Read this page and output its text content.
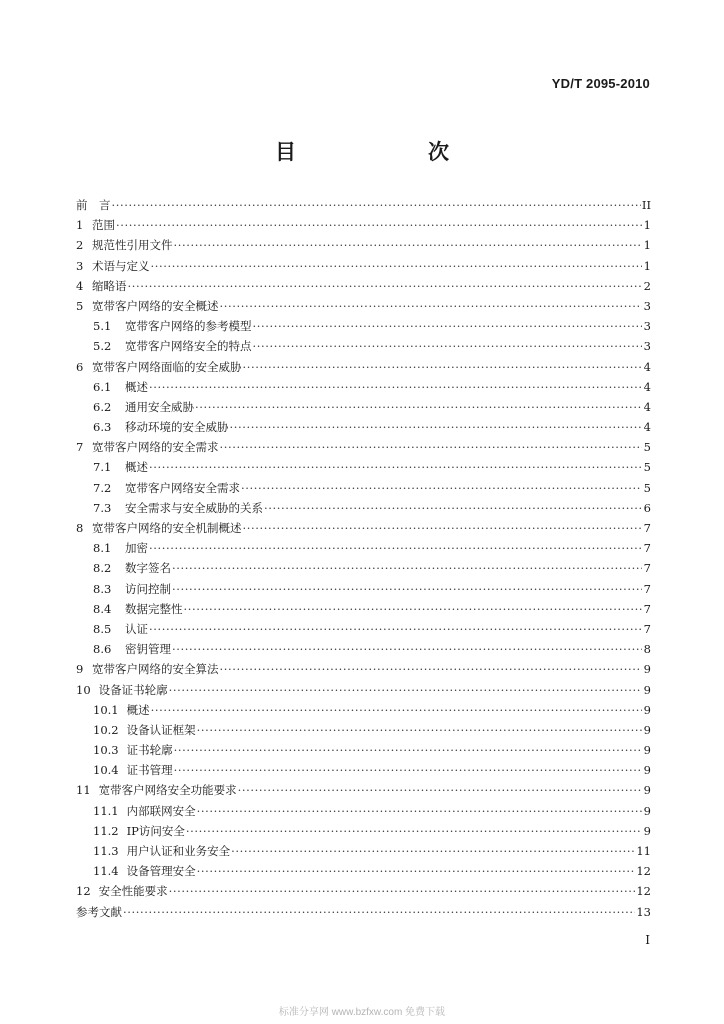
YD/T 2095-2010
目　　次
前　言 ·····	II
1 范围 ·····	1
2 规范性引用文件 ·····	1
3 术语与定义 ·····	1
4 缩略语 ·····	2
5 宽带客户网络的安全概述 ·····	3
5.1	宽带客户网络的参考模型 ·····	3
5.2	宽带客户网络安全的特点 ·····	3
6 宽带客户网络面临的安全威胁 ·····	4
6.1	概述 ·····	4
6.2	通用安全威胁 ·····	4
6.3	移动环境的安全威胁 ·····	4
7 宽带客户网络的安全需求 ·····	5
7.1	概述 ·····	5
7.2	宽带客户网络安全需求 ·····	5
7.3	安全需求与安全威胁的关系 ·····	6
8 宽带客户网络的安全机制概述 ·····	7
8.1	加密 ·····	7
8.2	数字签名 ·····	7
8.3	访问控制 ·····	7
8.4	数据完整性 ·····	7
8.5	认证 ·····	7
8.6	密钥管理 ·····	8
9 宽带客户网络的安全算法 ·····	9
10 设备证书轮廓 ·····	9
10.1 概述 ·····	9
10.2 设备认证框架 ·····	9
10.3 证书轮廓 ·····	9
10.4 证书管理 ·····	9
11 宽带客户网络安全功能要求 ·····	9
11.1 内部联网安全 ·····	9
11.2 IP访问安全 ·····	9
11.3 用户认证和业务安全 ·····	11
11.4 设备管理安全 ·····	12
12 安全性能要求 ·····	12
参考文献 ·····	13
I
标准分享网 www.bzfxw.com 免费下载
